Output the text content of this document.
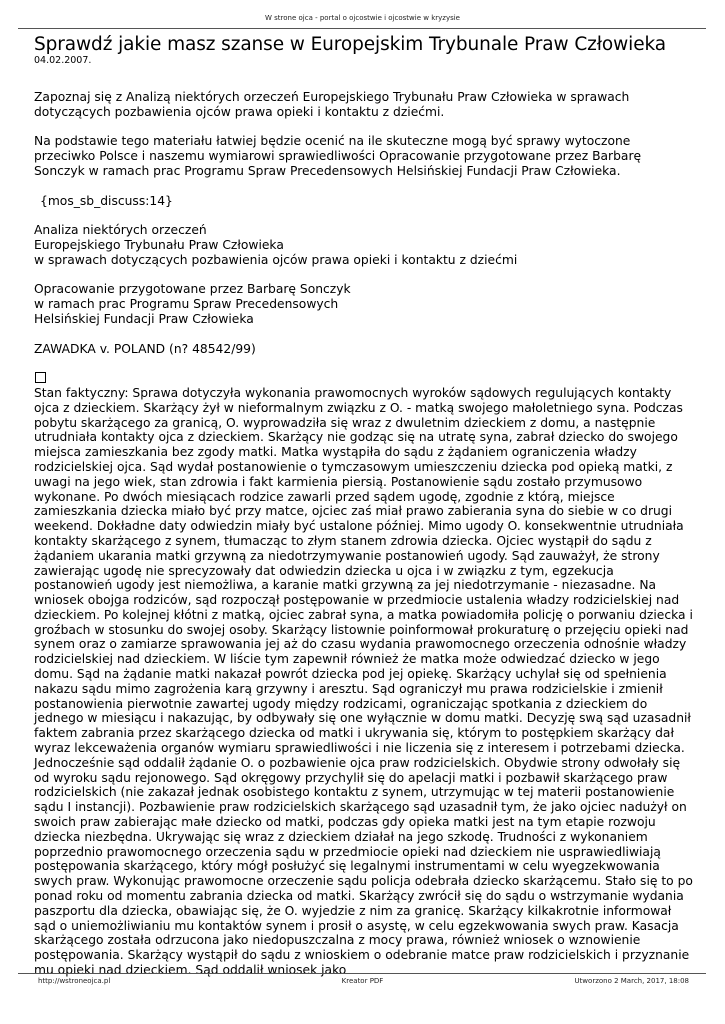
W strone ojca - portal o ojcostwie i ojcostwie w kryzysie
Sprawdź jakie masz szanse w Europejskim Trybunale Praw Człowieka

04.02.2007.

Zapoznaj się z Analizą niektórych orzeczeń Europejskiego Trybunału Praw Człowieka w sprawach dotyczących pozbawienia ojców prawa opieki i kontaktu z dziećmi.

Na podstawie tego materiału łatwiej będzie ocenić na ile skuteczne mogą być sprawy wytoczone przeciwko Polsce i naszemu wymiarowi sprawiedliwości Opracowanie przygotowane przez Barbarę Sonczyk w ramach prac Programu Spraw Precedensowych Helsińskiej Fundacji Praw Człowieka.

{mos_sb_discuss:14}

Analiza niektórych orzeczeń

Europejskiego Trybunału Praw Człowieka

w sprawach dotyczących pozbawienia ojców prawa opieki i kontaktu z dziećmi

Opracowanie przygotowane przez Barbarę Sonczyk

w ramach prac Programu Spraw Precedensowych

Helsińskiej Fundacji Praw Człowieka

ZAWADKA v. POLAND (n? 48542/99)

Stan faktyczny: Sprawa dotyczyła wykonania prawomocnych wyroków sądowych regulujących kontakty ojca z dzieckiem. Skarżący żył w nieformalnym związku z O. - matką swojego małoletniego syna. Podczas pobytu skarżącego za granicą, O. wyprowadziła się wraz z dwuletnim dzieckiem z domu, a następnie utrudniała kontakty ojca z dzieckiem. Skarżący nie godząc się na utratę syna, zabrał dziecko do swojego miejsca zamieszkania bez zgody matki. Matka wystąpiła do sądu z żądaniem ograniczenia władzy rodzicielskiej ojca. Sąd wydał postanowienie o tymczasowym umieszczeniu dziecka pod opieką matki, z uwagi na jego wiek, stan zdrowia i fakt karmienia piersią. Postanowienie sądu zostało przymusowo wykonane. Po dwóch miesiącach rodzice zawarli przed sądem ugodę, zgodnie z którą, miejsce zamieszkania dziecka miało być przy matce, ojciec zaś miał prawo zabierania syna do siebie w co drugi weekend. Dokładne daty odwiedzin miały być ustalone później. Mimo ugody O. konsekwentnie utrudniała kontakty skarżącego z synem, tłumacząc to złym stanem zdrowia dziecka. Ojciec wystąpił do sądu z żądaniem ukarania matki grzywną za niedotrzymywanie postanowień ugody. Sąd zauważył, że strony zawierając ugodę nie sprecyzowały dat odwiedzin dziecka u ojca i w związku z tym, egzekucja postanowień ugody jest niemożliwa, a karanie matki grzywną za jej niedotrzymanie - niezasadne. Na wniosek obojga rodziców, sąd rozpoczął postępowanie w przedmiocie ustalenia władzy rodzicielskiej nad dzieckiem. Po kolejnej kłótni z matką, ojciec zabrał syna, a matka powiadomiła policję o porwaniu dziecka i groźbach w stosunku do swojej osoby. Skarżący listownie poinformował prokuraturę o przejęciu opieki nad synem oraz o zamiarze sprawowania jej aż do czasu wydania prawomocnego orzeczenia odnośnie władzy rodzicielskiej nad dzieckiem. W liście tym zapewnił również że matka może odwiedzać dziecko w jego domu. Sąd na żądanie matki nakazał powrót dziecka pod jej opiekę. Skarżący uchylał się od spełnienia nakazu sądu mimo zagrożenia karą grzywny i aresztu. Sąd ograniczył mu prawa rodzicielskie i zmienił postanowienia pierwotnie zawartej ugody między rodzicami, ograniczając spotkania z dzieckiem do jednego w miesiącu i nakazując, by odbywały się one wyłącznie w domu matki. Decyzję swą sąd uzasadnił faktem zabrania przez skarżącego dziecka od matki i ukrywania się, którym to postępkiem skarżący dał wyraz lekceważenia organów wymiaru sprawiedliwości i nie liczenia się z interesem i potrzebami dziecka. Jednocześnie sąd oddalił żądanie O. o pozbawienie ojca praw rodzicielskich. Obydwie strony odwołały się od wyroku sądu rejonowego. Sąd okręgowy przychylił się do apelacji matki i pozbawił skarżącego praw rodzicielskich (nie zakazał jednak osobistego kontaktu z synem, utrzymując w tej materii postanowienie sądu I instancji). Pozbawienie praw rodzicielskich skarżącego sąd uzasadnił tym, że jako ojciec nadużył on swoich praw zabierając małe dziecko od matki, podczas gdy opieka matki jest na tym etapie rozwoju dziecka niezbędna. Ukrywając się wraz z dzieckiem działał na jego szkodę. Trudności z wykonaniem poprzednio prawomocnego orzeczenia sądu w przedmiocie opieki nad dzieckiem nie usprawiedliwiają postępowania skarżącego, który mógł posłużyć się legalnymi instrumentami w celu wyegzekwowania swych praw. Wykonując prawomocne orzeczenie sądu policja odebrała dziecko skarżącemu. Stało się to po ponad roku od momentu zabrania dziecka od matki. Skarżący zwrócił się do sądu o wstrzymanie wydania paszportu dla dziecka, obawiając się, że O. wyjedzie z nim za granicę. Skarżący kilkakrotnie informował sąd o uniemożliwianiu mu kontaktów synem i prosił o asystę, w celu egzekwowania swych praw. Kasacja skarżącego została odrzucona jako niedopuszczalna z mocy prawa, również wniosek o wznowienie postępowania. Skarżący wystąpił do sądu z wnioskiem o odebranie matce praw rodzicielskich i przyznanie mu opieki nad dzieckiem. Sąd oddalił wniosek jako

http://wstroneojca.pl	Kreator PDF	Utworzono 2 March, 2017, 18:08
